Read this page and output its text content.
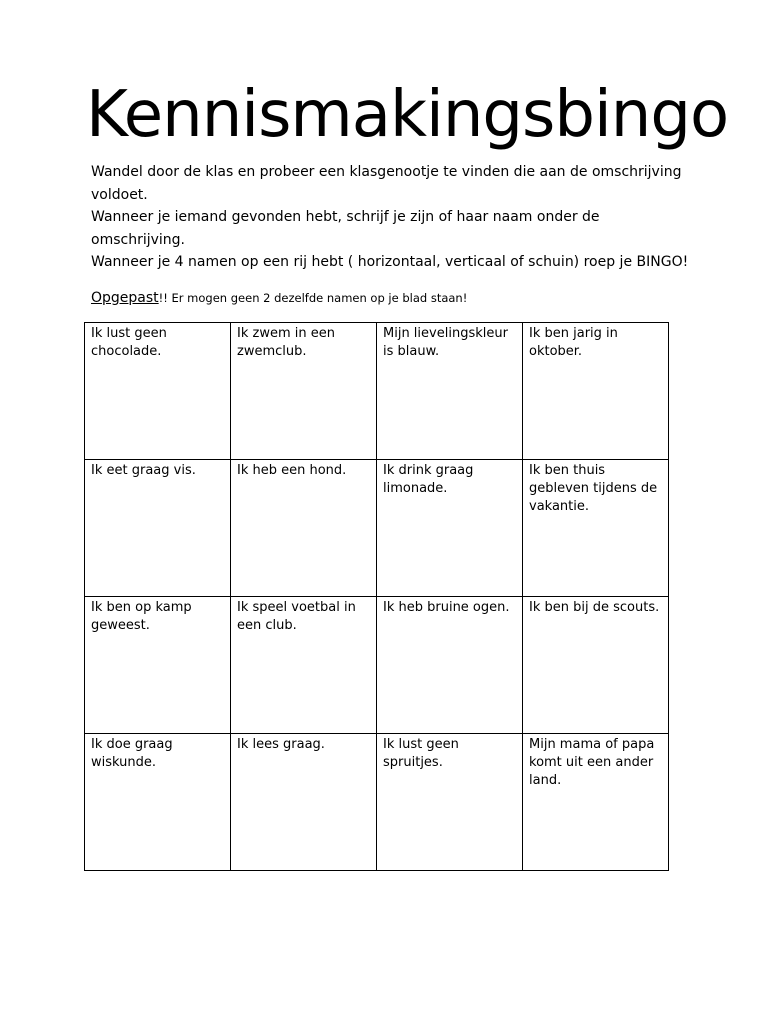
Kennismakingsbingo

Wandel door de klas en probeer een klasgenootje te vinden die aan de omschrijving voldoet.

Wanneer je iemand gevonden hebt, schrijf je zijn of haar naam onder de omschrijving.

Wanneer je 4 namen op een rij hebt ( horizontaal, verticaal of schuin) roep je BINGO!

Opgepast!! Er mogen geen 2 dezelfde namen op je blad staan!
Ik lust geen chocolade.	Ik zwem in een zwemclub.	Mijn lievelingskleur is blauw.	Ik ben jarig in oktober.
Ik eet graag vis.	Ik heb een hond.	Ik drink graag limonade.	Ik ben thuis gebleven tijdens de vakantie.
Ik ben op kamp geweest.	Ik speel voetbal in een club.	Ik heb bruine ogen.	Ik ben bij de scouts.
Ik doe graag wiskunde.	Ik lees graag.	Ik lust geen spruitjes.	Mijn mama of papa komt uit een ander land.
